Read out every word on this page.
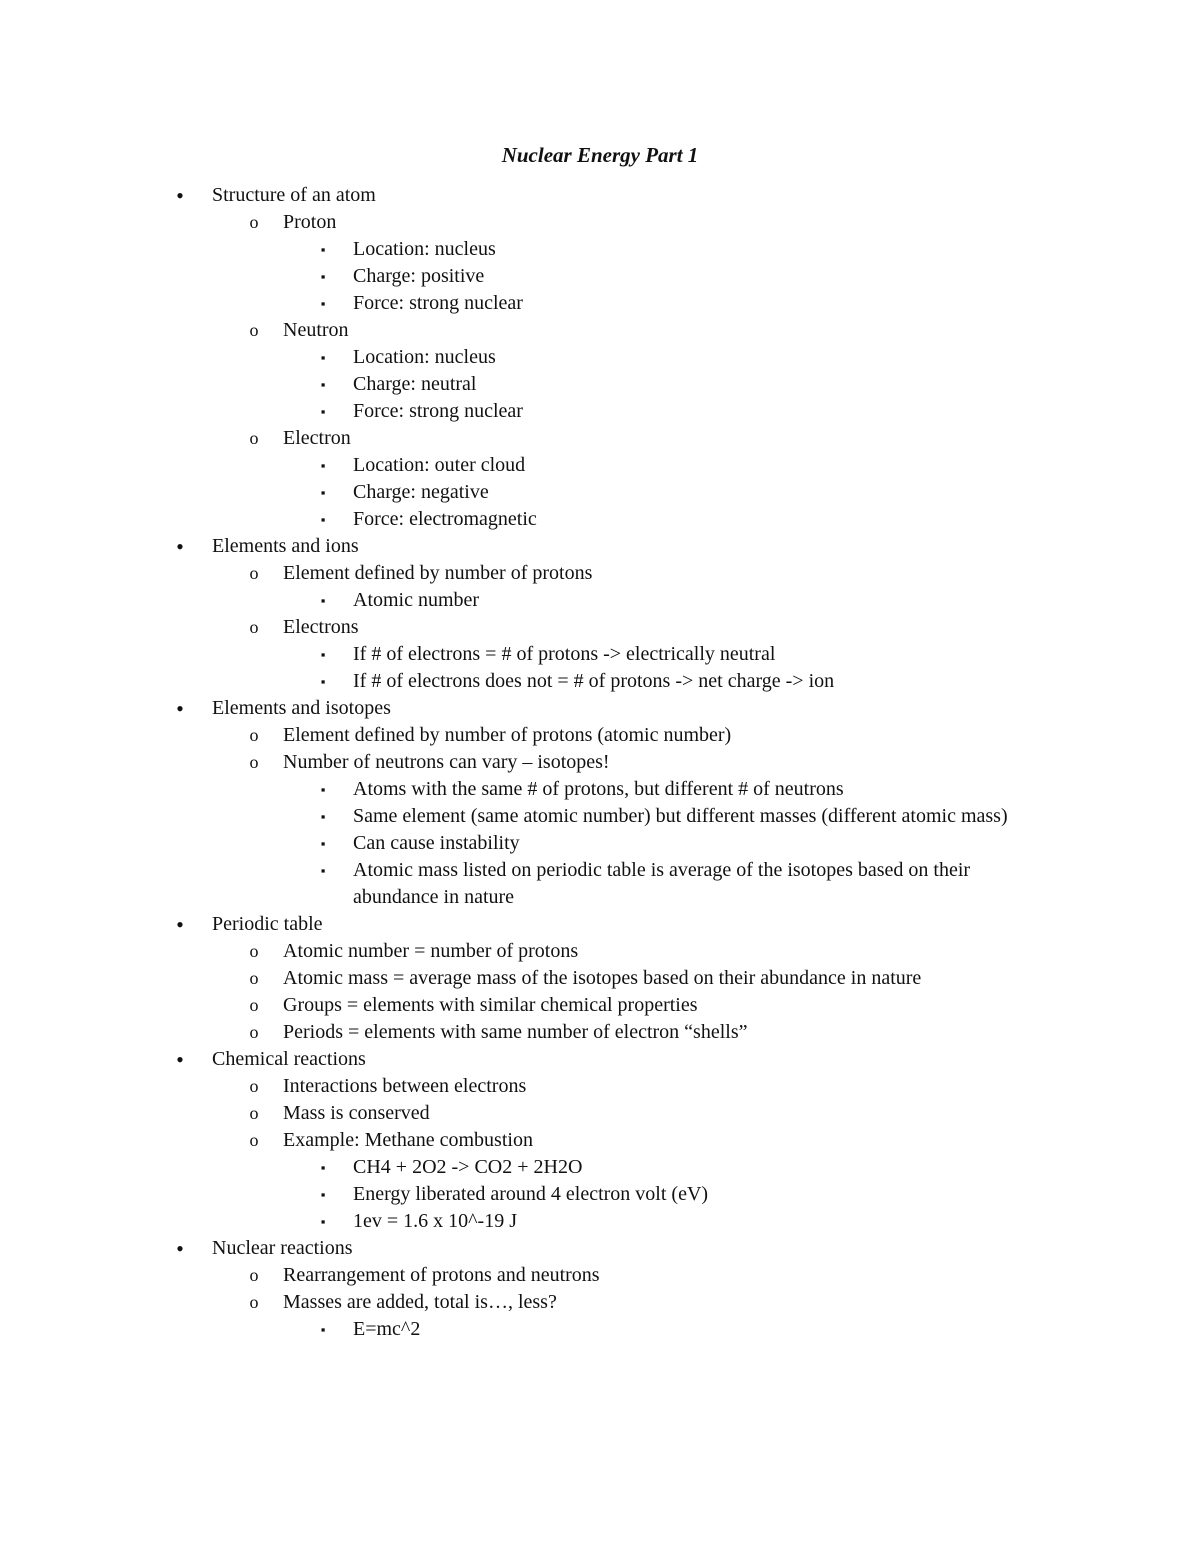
Nuclear Energy Part 1
•	Structure of an atom
o Proton
▪	Location: nucleus
▪	Charge: positive
▪	Force: strong nuclear
o Neutron
▪	Location: nucleus
▪	Charge: neutral
▪	Force: strong nuclear
o Electron
▪	Location: outer cloud
▪	Charge: negative
▪	Force: electromagnetic
•	Elements and ions
o Element defined by number of protons
▪	Atomic number
o Electrons
▪	If # of electrons = # of protons -> electrically neutral
▪	If # of electrons does not = # of protons -> net charge -> ion
•	Elements and isotopes
o Element defined by number of protons (atomic number)
o Number of neutrons can vary – isotopes!
▪	Atoms with the same # of protons, but different # of neutrons
▪	Same element (same atomic number) but different masses (different atomic mass)
▪	Can cause instability
▪	Atomic mass listed on periodic table is average of the isotopes based on their abundance in nature
•	Periodic table
o Atomic number = number of protons
o Atomic mass = average mass of the isotopes based on their abundance in nature
o Groups = elements with similar chemical properties
o Periods = elements with same number of electron “shells”
•	Chemical reactions
o Interactions between electrons
o Mass is conserved
o Example: Methane combustion
▪	CH4 + 2O2 -> CO2 + 2H2O
▪	Energy liberated around 4 electron volt (eV)
▪	1ev = 1.6 x 10^-19 J
•	Nuclear reactions
o Rearrangement of protons and neutrons
o Masses are added, total is…, less?
▪	E=mc^2
